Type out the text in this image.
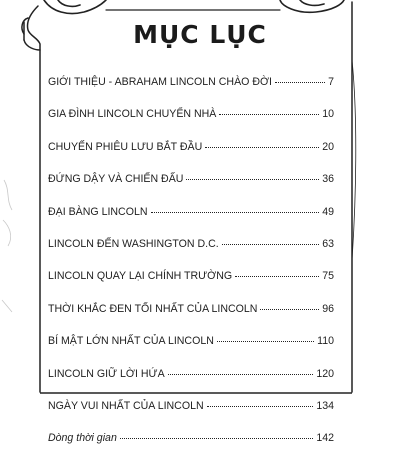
MỤC LỤC
GIỚI THIỆU - ABRAHAM LINCOLN CHÀO ĐỜI	7
GIA ĐÌNH LINCOLN CHUYỂN NHÀ	10
CHUYẾN PHIÊU LƯU BẮT ĐẦU	20
ĐỨNG DẬY VÀ CHIẾN ĐẤU	36
ĐẠI BÀNG LINCOLN	49
LINCOLN ĐẾN WASHINGTON D.C.	63
LINCOLN QUAY LẠI CHÍNH TRƯỜNG	75
THỜI KHẮC ĐEN TỐI NHẤT CỦA LINCOLN	96
BÍ MẬT LỚN NHẤT CỦA LINCOLN	110
LINCOLN GIỮ LỜI HỨA	120
NGÀY VUI NHẤT CỦA LINCOLN	134
Dòng thời gian	142
